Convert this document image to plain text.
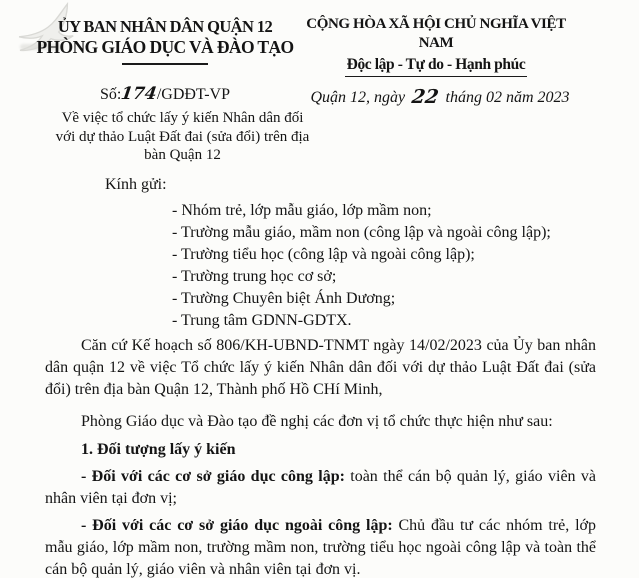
ỦY BAN NHÂN DÂN QUẬN 12
PHÒNG GIÁO DỤC VÀ ĐÀO TẠO
CỘNG HÒA XÃ HỘI CHỦ NGHĨA VIỆT NAM
Độc lập - Tự do - Hạnh phúc
Số:174/GDĐT-VP
Về việc tổ chức lấy ý kiến Nhân dân đối với dự thảo Luật Đất đai (sửa đổi) trên địa bàn Quận 12
Quận 12, ngày 22 tháng 02 năm 2023
Kính gửi:
- Nhóm trẻ, lớp mẫu giáo, lớp mầm non;
- Trường mẫu giáo, mầm non (công lập và ngoài công lập);
- Trường tiểu học (công lập và ngoài công lập);
- Trường trung học cơ sở;
- Trường Chuyên biệt Ánh Dương;
- Trung tâm GDNN-GDTX.

Căn cứ Kế hoạch số 806/KH-UBND-TNMT ngày 14/02/2023 của Ủy ban nhân dân quận 12 về việc Tổ chức lấy ý kiến Nhân dân đối với dự thảo Luật Đất đai (sửa đổi) trên địa bàn Quận 12, Thành phố Hồ CHí Minh,

Phòng Giáo dục và Đào tạo đề nghị các đơn vị tổ chức thực hiện như sau:

1. Đối tượng lấy ý kiến

- Đối với các cơ sở giáo dục công lập: toàn thể cán bộ quản lý, giáo viên và nhân viên tại đơn vị;

- Đối với các cơ sở giáo dục ngoài công lập: Chủ đầu tư các nhóm trẻ, lớp mẫu giáo, lớp mầm non, trường mầm non, trường tiểu học ngoài công lập và toàn thể cán bộ quản lý, giáo viên và nhân viên tại đơn vị.
